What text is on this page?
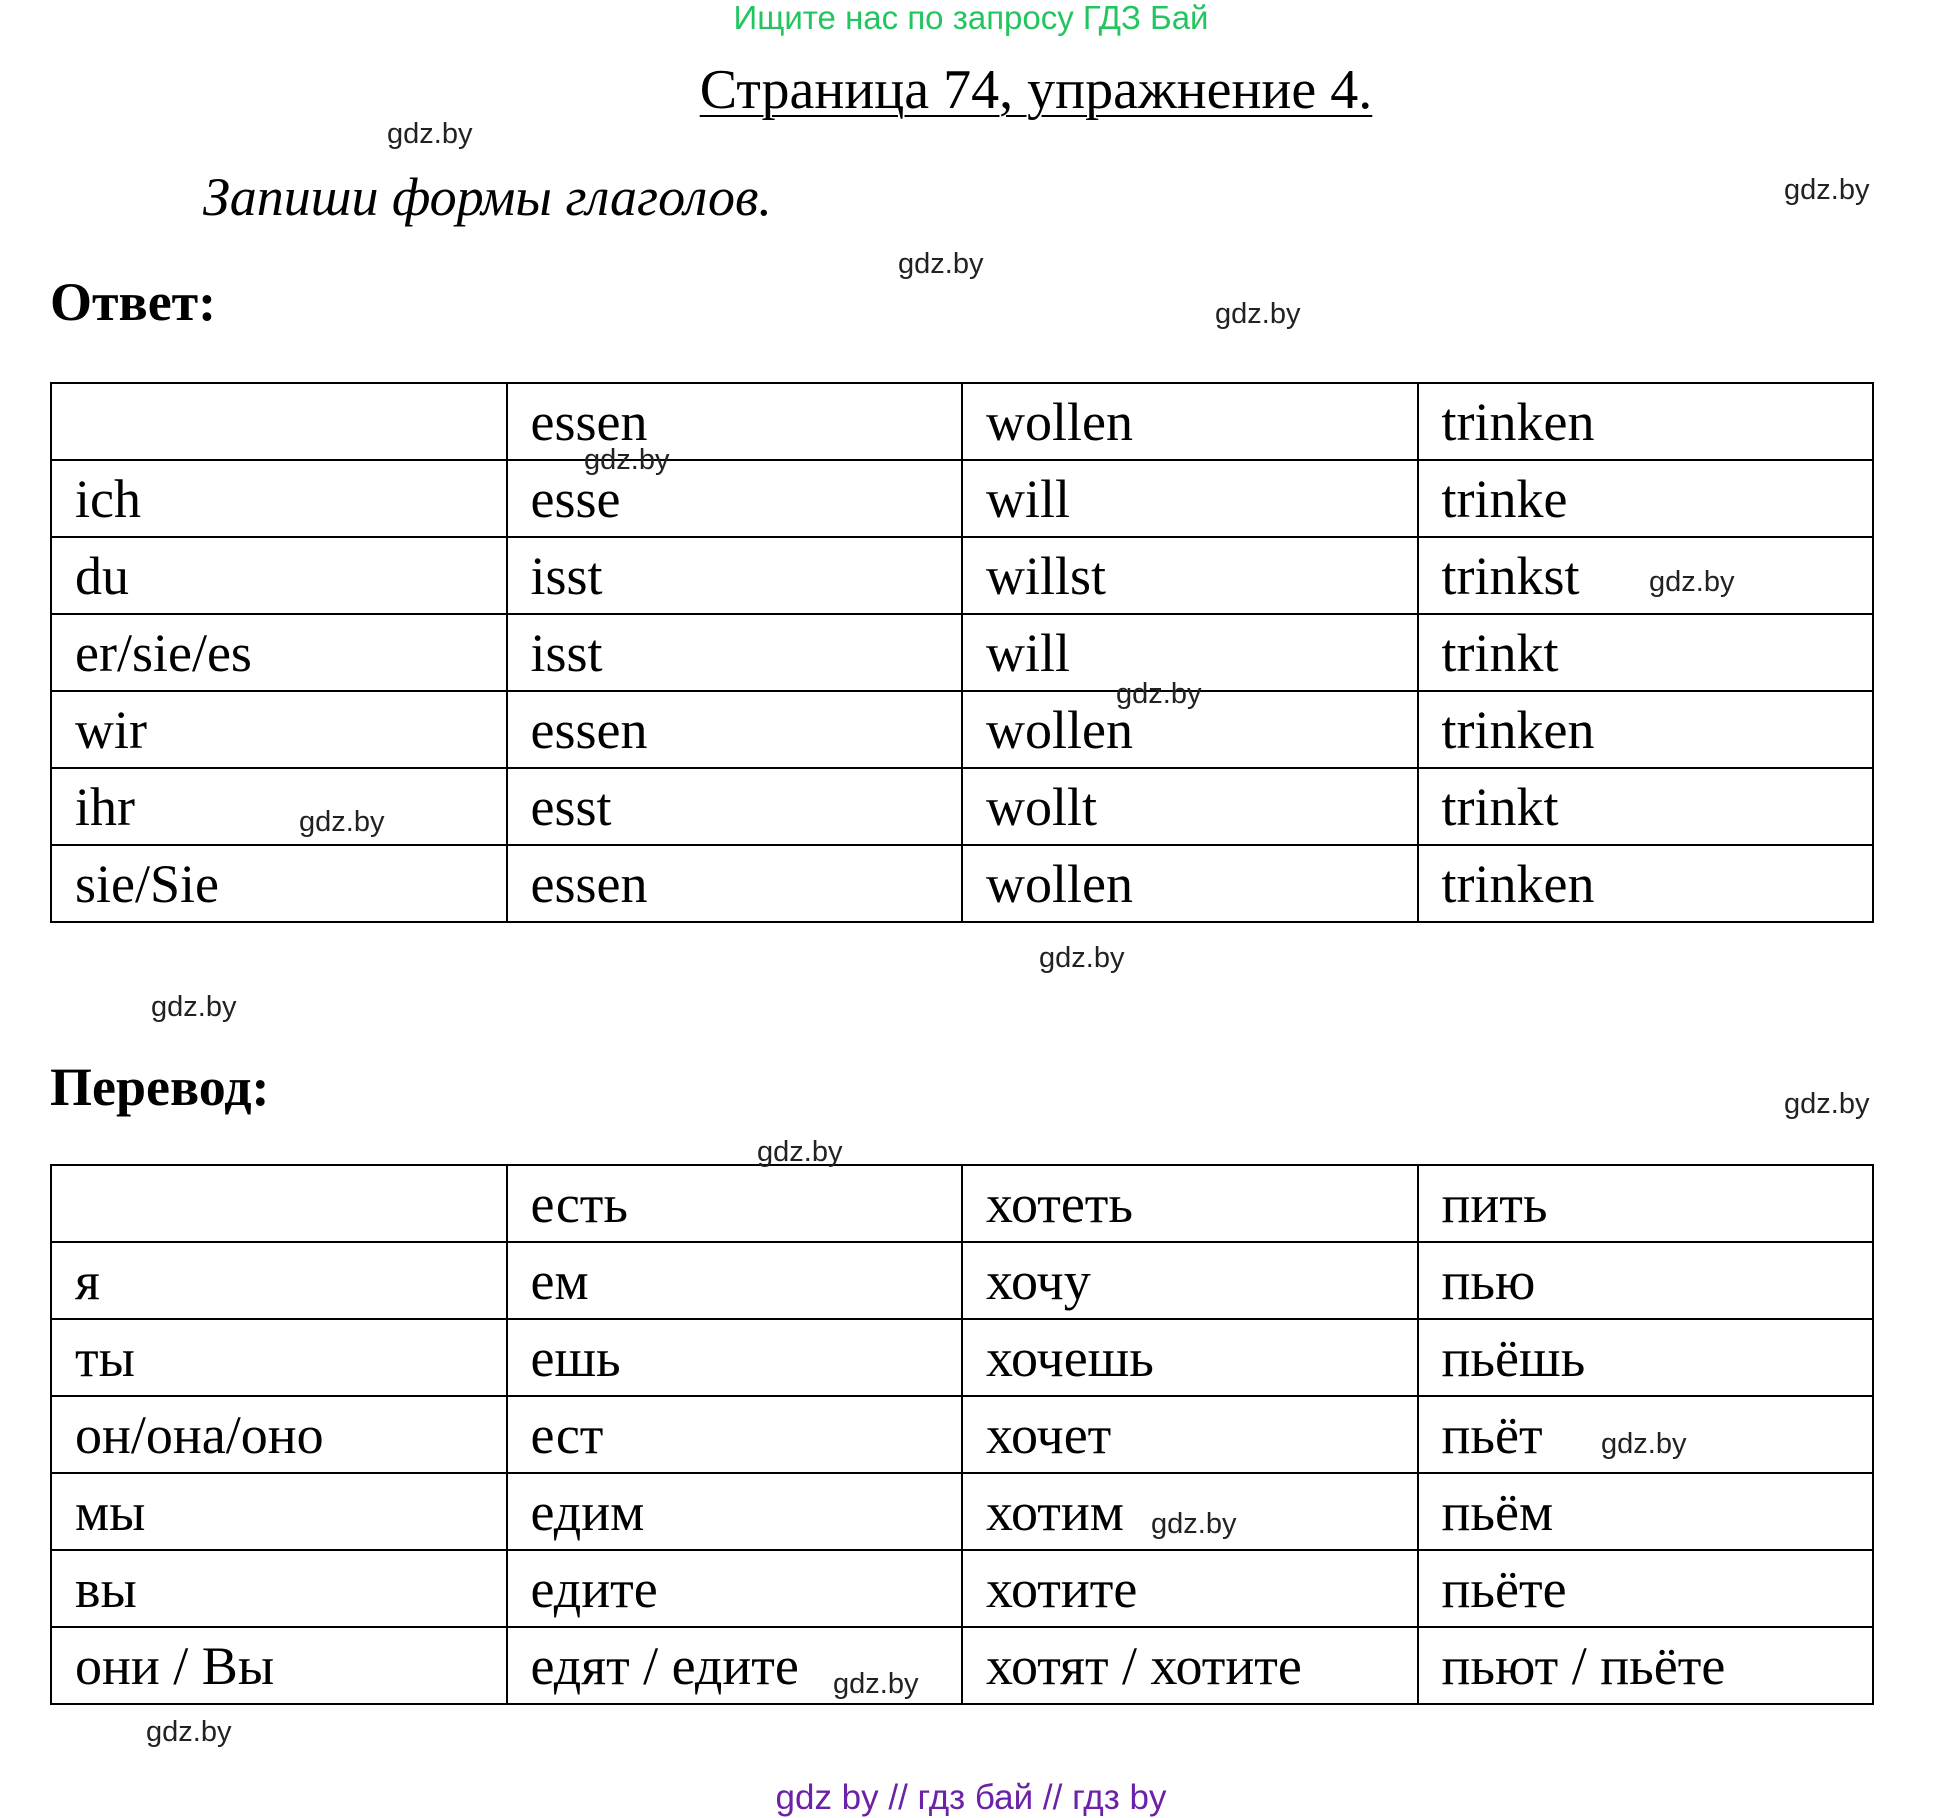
Ищите нас по запросу ГДЗ Бай
Страница 74, упражнение 4.
Запиши формы глаголов.
Ответ:
	essen	wollen	trinken
ich	esse	will	trinke
du	isst	willst	trinkst
er/sie/es	isst	will	trinkt
wir	essen	wollen	trinken
ihr	esst	wollt	trinkt
sie/Sie	essen	wollen	trinken
Перевод:
	есть	хотеть	пить
я	ем	хочу	пью
ты	ешь	хочешь	пьёшь
он/она/оно	ест	хочет	пьёт
мы	едим	хотим	пьём
вы	едите	хотите	пьёте
они / Вы	едят / едите	хотят / хотите	пьют / пьёте
gdz.by
gdz.by
gdz.by
gdz.by
gdz.by
gdz.by
gdz.by
gdz.by
gdz.by
gdz.by
gdz.by
gdz.by
gdz.by
gdz.by
gdz.by
gdz.by
gdz by // гдз бай // гдз by
